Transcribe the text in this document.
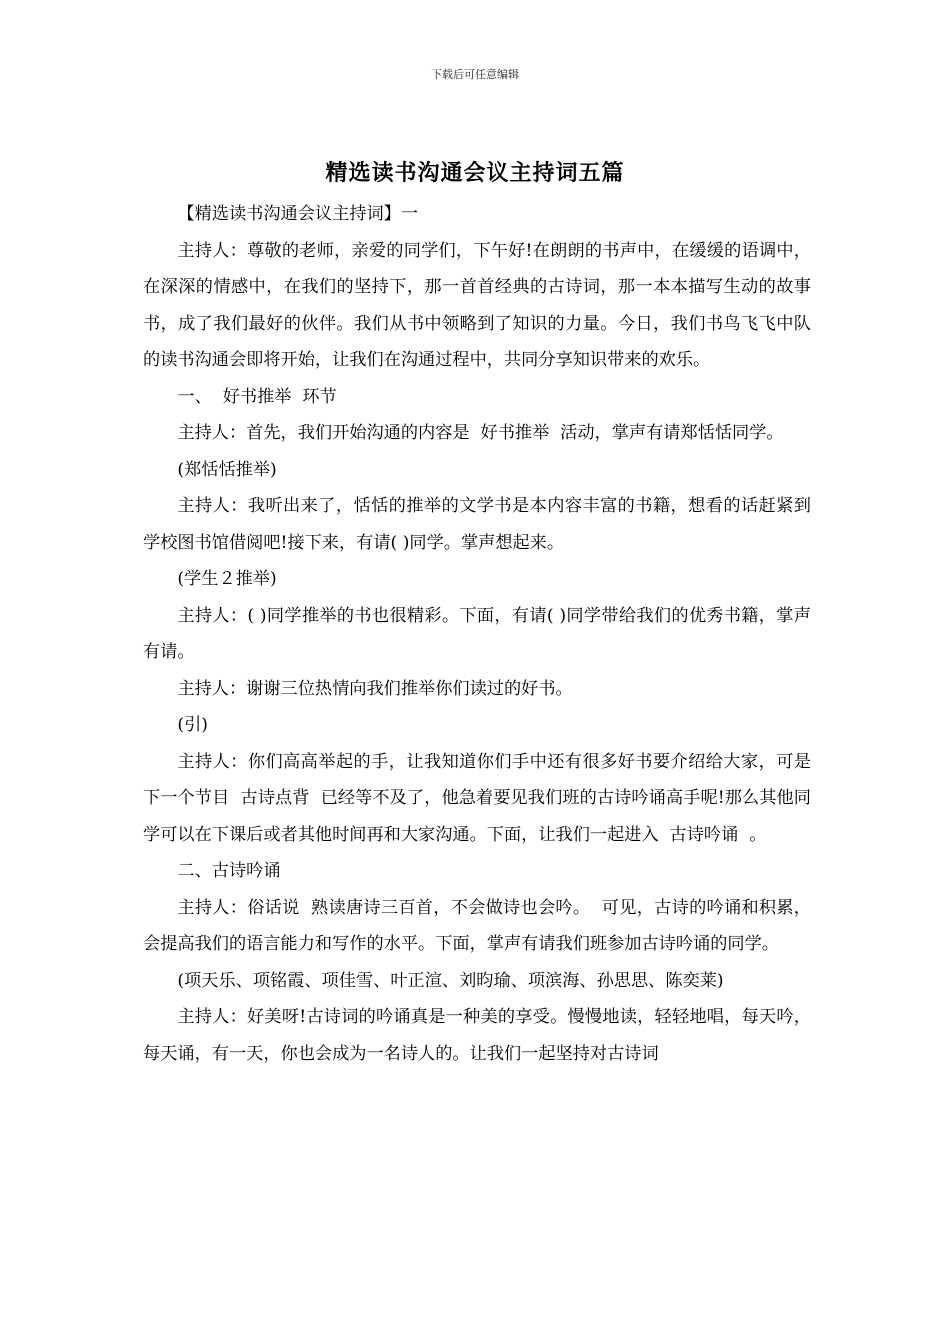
下载后可任意编辑
精选读书沟通会议主持词五篇

【精选读书沟通会议主持词】一

主持人：尊敬的老师，亲爱的同学们，下午好!在朗朗的书声中，在缓缓的语调中，在深深的情感中，在我们的坚持下，那一首首经典的古诗词，那一本本描写生动的故事书，成了我们最好的伙伴。我们从书中领略到了知识的力量。今日，我们书鸟飞飞中队的读书沟通会即将开始，让我们在沟通过程中，共同分享知识带来的欢乐。

一、  好书推举  环节

主持人：首先，我们开始沟通的内容是  好书推举  活动，掌声有请郑恬恬同学。

(郑恬恬推举)

主持人：我听出来了，恬恬的推举的文学书是本内容丰富的书籍，想看的话赶紧到学校图书馆借阅吧!接下来，有请( )同学。掌声想起来。

(学生２推举)

主持人：( )同学推举的书也很精彩。下面，有请( )同学带给我们的优秀书籍，掌声有请。

主持人：谢谢三位热情向我们推举你们读过的好书。

(引)

主持人：你们高高举起的手，让我知道你们手中还有很多好书要介绍给大家，可是下一个节目  古诗点背  已经等不及了，他急着要见我们班的古诗吟诵高手呢!那么其他同学可以在下课后或者其他时间再和大家沟通。下面，让我们一起进入  古诗吟诵  。

二、古诗吟诵

主持人：俗话说  熟读唐诗三百首，不会做诗也会吟。  可见，古诗的吟诵和积累，会提高我们的语言能力和写作的水平。下面，掌声有请我们班参加古诗吟诵的同学。

(项天乐、项铭霞、项佳雪、叶正渲、刘昀瑜、项滨海、孙思思、陈奕莱)

主持人：好美呀!古诗词的吟诵真是一种美的享受。慢慢地读，轻轻地唱，每天吟，每天诵，有一天，你也会成为一名诗人的。让我们一起坚持对古诗词
